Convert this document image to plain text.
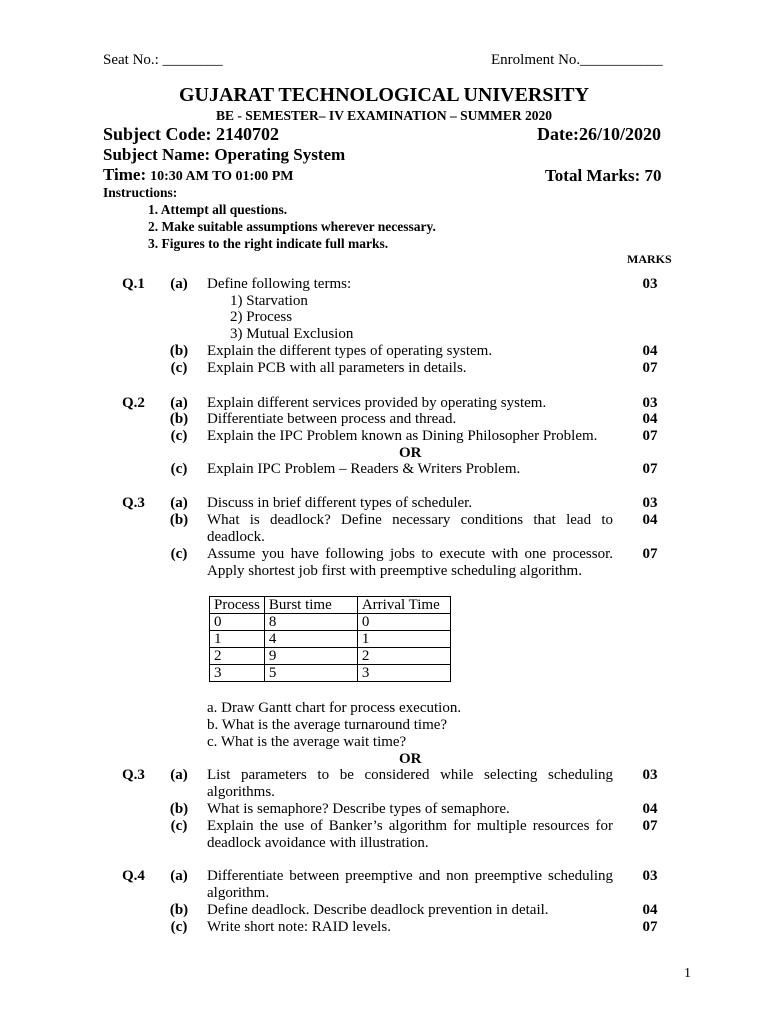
Seat No.: ________	Enrolment No.___________
GUJARAT TECHNOLOGICAL UNIVERSITY
BE - SEMESTER– IV EXAMINATION – SUMMER 2020
Subject Code: 2140702	Date:26/10/2020
Subject Name: Operating System
Time: 10:30 AM TO 01:00 PM	Total Marks: 70
Instructions:
1. Attempt all questions.
2. Make suitable assumptions wherever necessary.
3. Figures to the right indicate full marks.
MARKS
Q.1 (a) Define following terms:	03
1) Starvation
2) Process
3) Mutual Exclusion
(b) Explain the different types of operating system.	04
(c) Explain PCB with all parameters in details.	07
Q.2 (a) Explain different services provided by operating system.	03
(b) Differentiate between process and thread.	04
(c) Explain the IPC Problem known as Dining Philosopher Problem.	07
OR
(c) Explain IPC Problem – Readers & Writers Problem.	07
Q.3 (a) Discuss in brief different types of scheduler.	03
(b) What is deadlock? Define necessary conditions that lead to deadlock.
04
(c) Assume you have following jobs to execute with one processor. Apply shortest job first with preemptive scheduling algorithm.
07
Process	Burst time	Arrival Time
0	8	0
1	4	1
2	9	2
3	5	3
a. Draw Gantt chart for process execution.
b. What is the average turnaround time?
c. What is the average wait time?
OR
Q.3 (a) List parameters to be considered while selecting scheduling algorithms.
03
(b) What is semaphore? Describe types of semaphore.	04
(c) Explain the use of Banker’s algorithm for multiple resources for deadlock avoidance with illustration.
07
Q.4 (a) Differentiate between preemptive and non preemptive scheduling algorithm.
03
(b) Define deadlock. Describe deadlock prevention in detail.	04
(c) Write short note: RAID levels.	07
1
